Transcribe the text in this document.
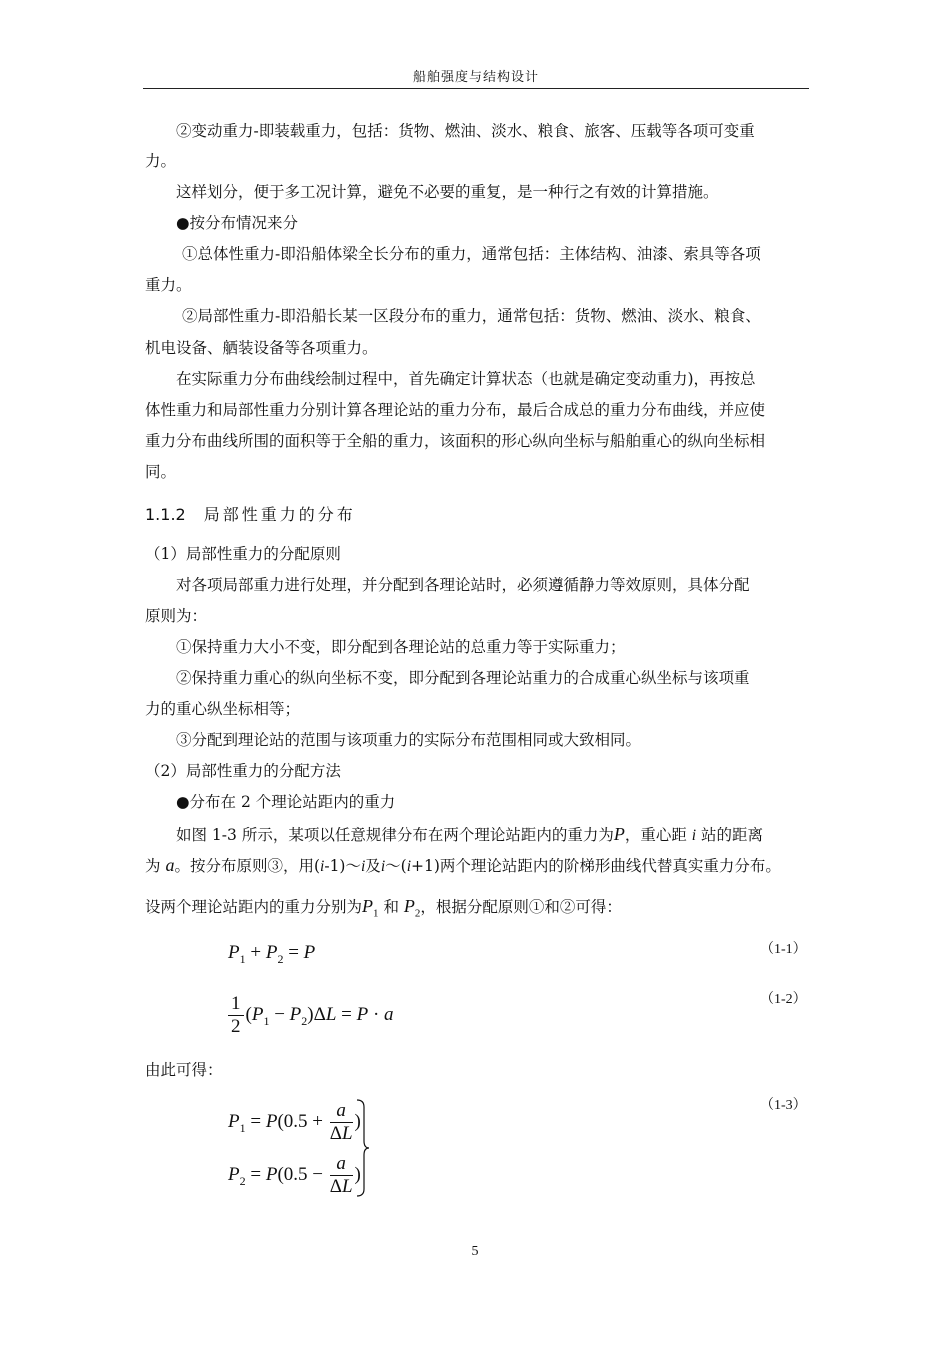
船舶强度与结构设计
②变动重力-即装载重力，包括：货物、燃油、淡水、粮食、旅客、压载等各项可变重
力。
这样划分，便于多工况计算，避免不必要的重复，是一种行之有效的计算措施。
●按分布情况来分
①总体性重力-即沿船体梁全长分布的重力，通常包括：主体结构、油漆、索具等各项
重力。
②局部性重力-即沿船长某一区段分布的重力，通常包括：货物、燃油、淡水、粮食、
机电设备、舾装设备等各项重力。
在实际重力分布曲线绘制过程中，首先确定计算状态（也就是确定变动重力)，再按总
体性重力和局部性重力分别计算各理论站的重力分布，最后合成总的重力分布曲线，并应使
重力分布曲线所围的面积等于全船的重力，该面积的形心纵向坐标与船舶重心的纵向坐标相
同。
1.1.2 局部性重力的分布
（1）局部性重力的分配原则
对各项局部重力进行处理，并分配到各理论站时，必须遵循静力等效原则，具体分配
原则为：
①保持重力大小不变，即分配到各理论站的总重力等于实际重力；
②保持重力重心的纵向坐标不变，即分配到各理论站重力的合成重心纵坐标与该项重
力的重心纵坐标相等；
③分配到理论站的范围与该项重力的实际分布范围相同或大致相同。
（2）局部性重力的分配方法
●分布在 2 个理论站距内的重力
如图 1-3 所示，某项以任意规律分布在两个理论站距内的重力为P，重心距 i 站的距离
为 a。按分布原则③，用(i-1)～i及i～(i+1)两个理论站距内的阶梯形曲线代替真实重力分布。
设两个理论站距内的重力分别为$P_1$ 和 $P_2$，根据分配原则①和②可得：
$P_1 + P_2 = P$	（1-1）
$\frac{1}{2} (P_1 - P_2)\Delta L = P \cdot a$
（1-2）
由此可得：
$P_1 = P(0.5 + \frac{a}{\Delta L}$ )
$P_2 = P(0.5 - \frac{a}{\Delta L}$ )
（1-3）
5
